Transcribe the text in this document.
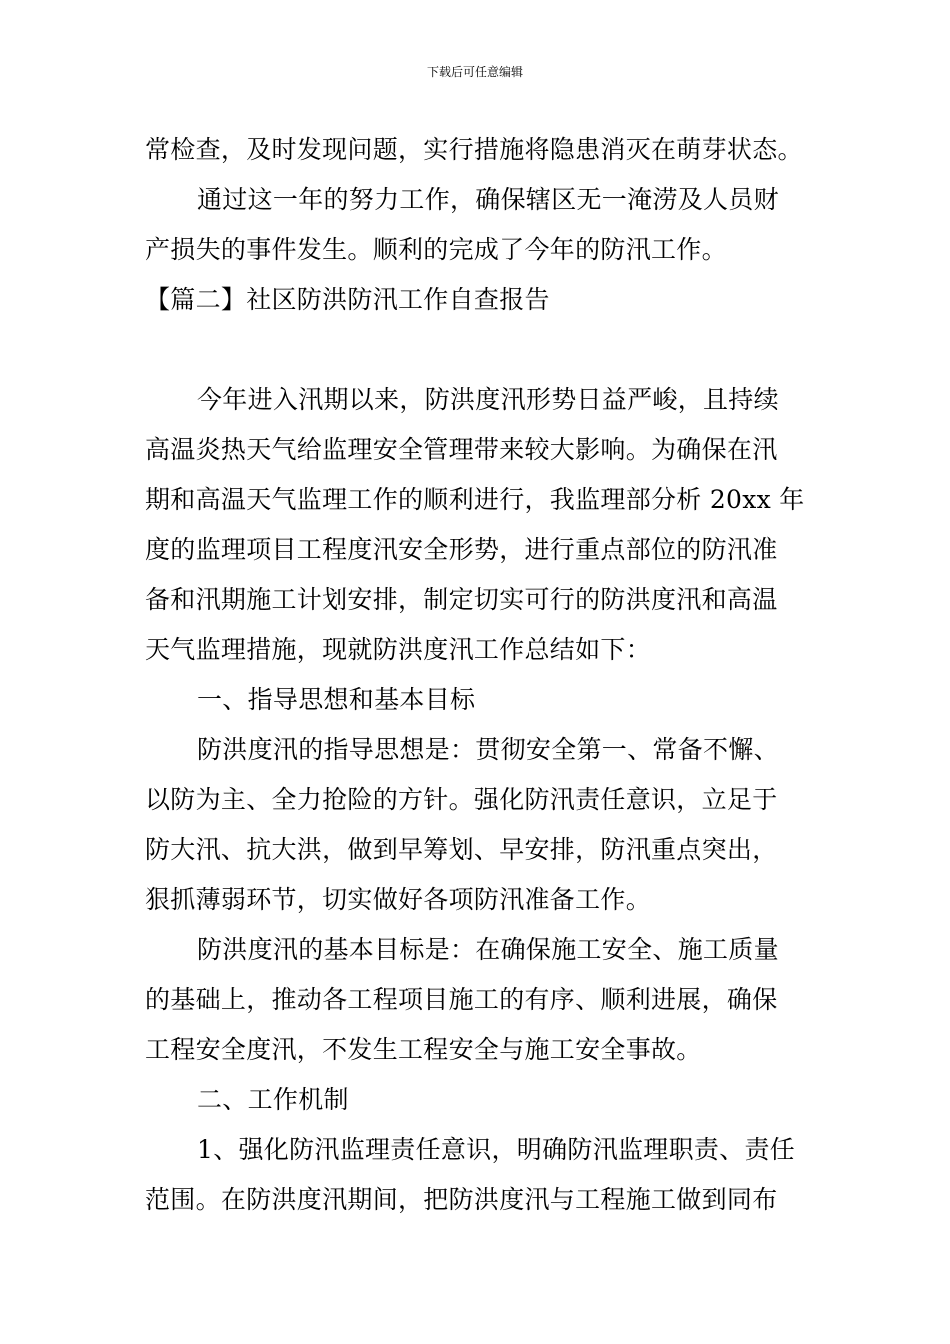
下载后可任意编辑
常检查，及时发现问题，实行措施将隐患消灭在萌芽状态。
通过这一年的努力工作，确保辖区无一淹涝及人员财
产损失的事件发生。顺利的完成了今年的防汛工作。
【篇二】社区防洪防汛工作自查报告
今年进入汛期以来，防洪度汛形势日益严峻，且持续
高温炎热天气给监理安全管理带来较大影响。为确保在汛
期和高温天气监理工作的顺利进行，我监理部分析 20xx 年
度的监理项目工程度汛安全形势，进行重点部位的防汛准
备和汛期施工计划安排，制定切实可行的防洪度汛和高温
天气监理措施，现就防洪度汛工作总结如下：
一、指导思想和基本目标
防洪度汛的指导思想是：贯彻安全第一、常备不懈、
以防为主、全力抢险的方针。强化防汛责任意识，立足于
防大汛、抗大洪，做到早筹划、早安排，防汛重点突出，
狠抓薄弱环节，切实做好各项防汛准备工作。
防洪度汛的基本目标是：在确保施工安全、施工质量
的基础上，推动各工程项目施工的有序、顺利进展，确保
工程安全度汛，不发生工程安全与施工安全事故。
二、工作机制
1、强化防汛监理责任意识，明确防汛监理职责、责任
范围。在防洪度汛期间，把防洪度汛与工程施工做到同布
